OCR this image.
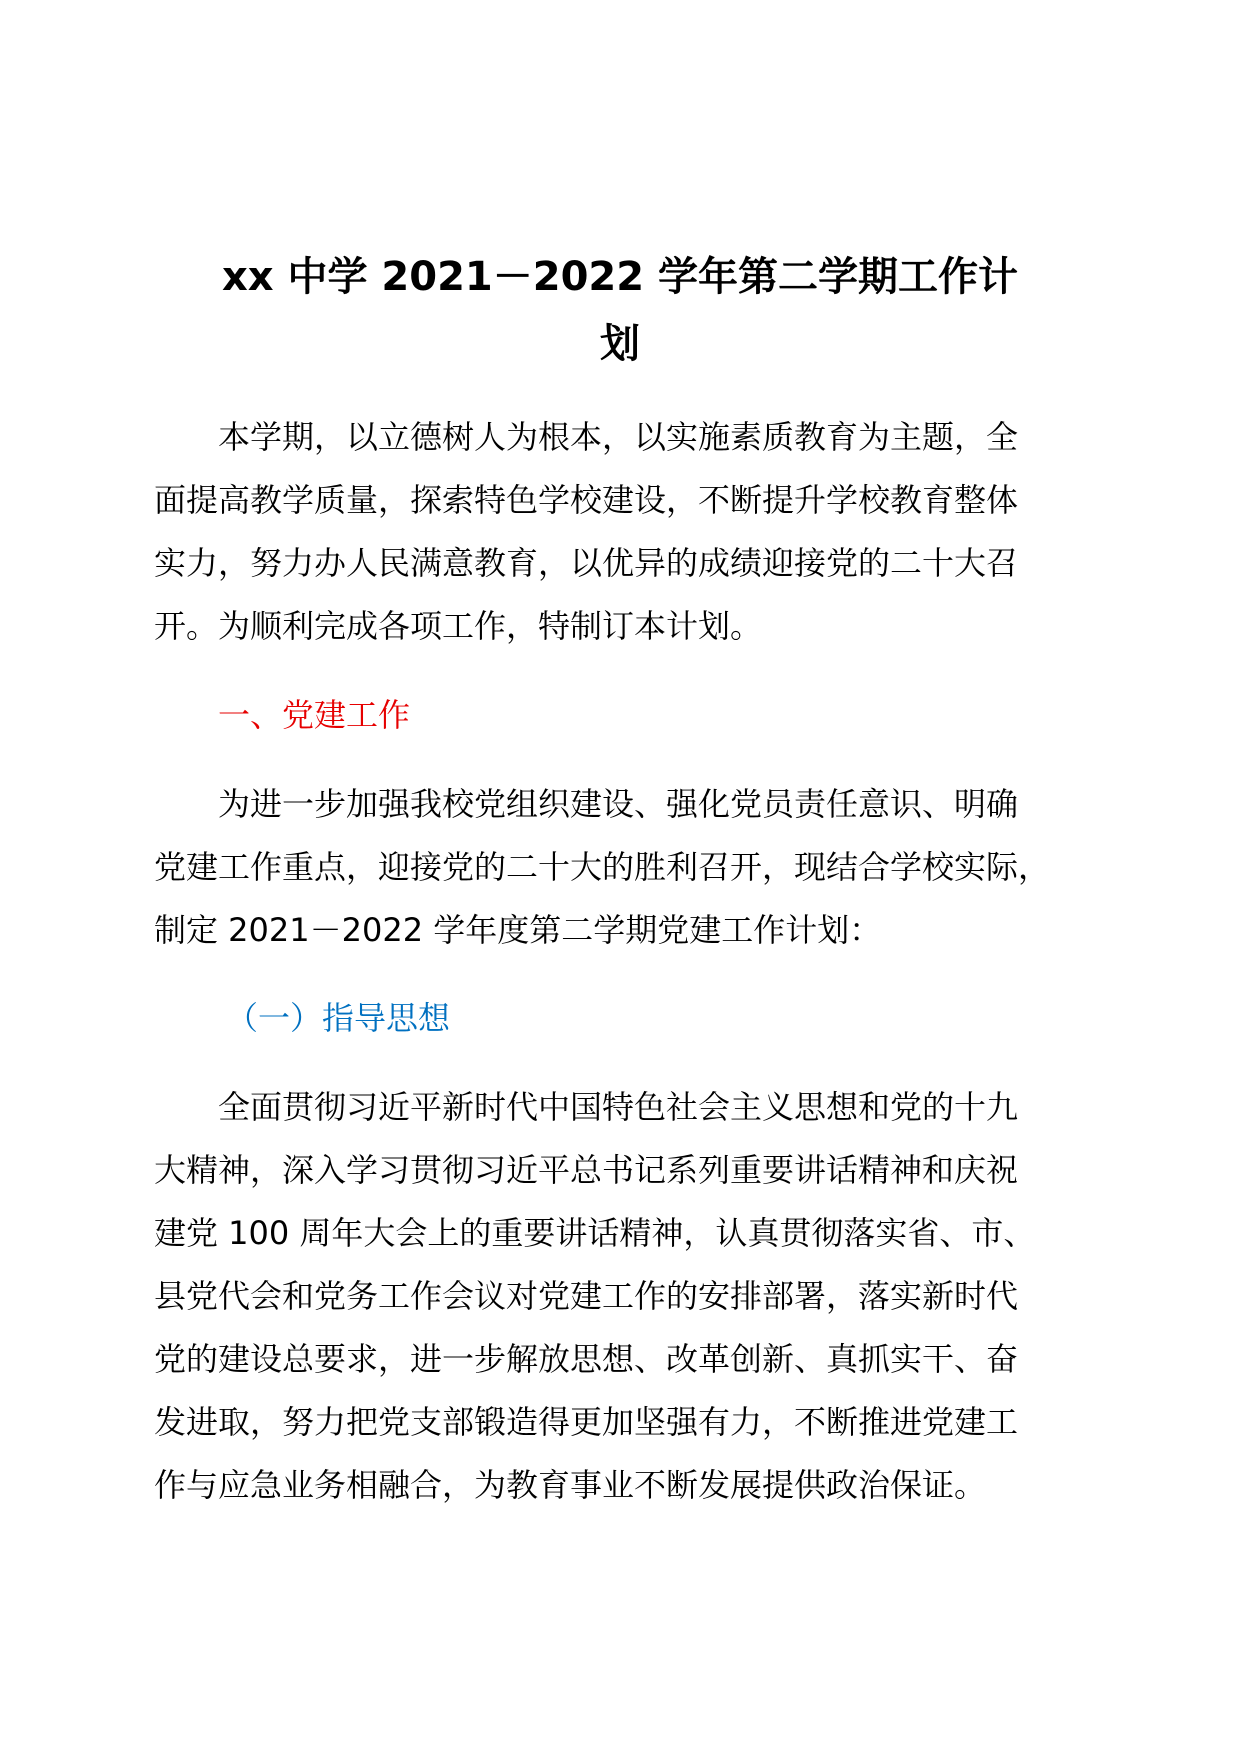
xx 中学 2021－2022 学年第二学期工作计
划

本学期，以立德树人为根本，以实施素质教育为主题，全

面提高教学质量，探索特色学校建设，不断提升学校教育整体

实力，努力办人民满意教育，以优异的成绩迎接党的二十大召

开。为顺利完成各项工作，特制订本计划。

一、党建工作

为进一步加强我校党组织建设、强化党员责任意识、明确

党建工作重点，迎接党的二十大的胜利召开，现结合学校实际，

制定 2021－2022 学年度第二学期党建工作计划：

（一）指导思想

全面贯彻习近平新时代中国特色社会主义思想和党的十九

大精神，深入学习贯彻习近平总书记系列重要讲话精神和庆祝

建党 100 周年大会上的重要讲话精神，认真贯彻落实省、市、

县党代会和党务工作会议对党建工作的安排部署，落实新时代

党的建设总要求，进一步解放思想、改革创新、真抓实干、奋

发进取，努力把党支部锻造得更加坚强有力，不断推进党建工

作与应急业务相融合，为教育事业不断发展提供政治保证。
